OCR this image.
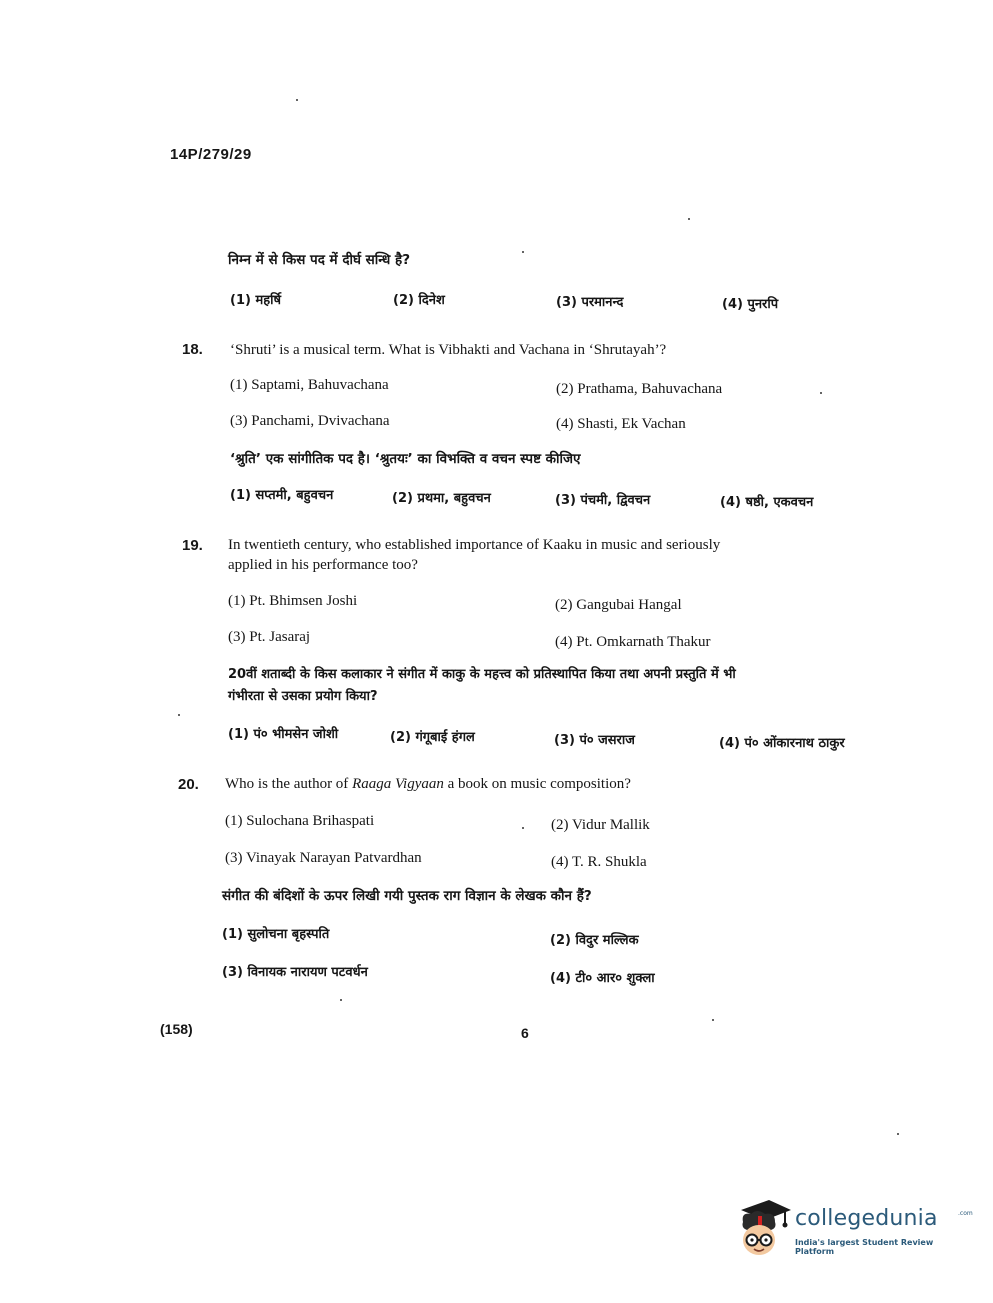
14P/279/29
निम्न में से किस पद में दीर्घ सन्धि है?
(1) महर्षि	(2) दिनेश	(3) परमानन्द	(4) पुनरपि
18. ‘Shruti’ is a musical term. What is Vibhakti and Vachana in ‘Shrutayah’?
(1) Saptami, Bahuvachana	(2) Prathama, Bahuvachana
(3) Panchami, Dvivachana	(4) Shasti, Ek Vachan
‘श्रुति’ एक सांगीतिक पद है। ‘श्रुतयः’ का विभक्ति व वचन स्पष्ट कीजिए
(1) सप्तमी, बहुवचन	(2) प्रथमा, बहुवचन	(3) पंचमी, द्विवचन	(4) षष्ठी, एकवचन
19. In twentieth century, who established importance of Kaaku in music and seriously
applied in his performance too?
(1) Pt. Bhimsen Joshi	(2) Gangubai Hangal
(3) Pt. Jasaraj	(4) Pt. Omkarnath Thakur
20वीं शताब्दी के किस कलाकार ने संगीत में काकु के महत्त्व को प्रतिस्थापित किया तथा अपनी प्रस्तुति में भी
गंभीरता से उसका प्रयोग किया?
(1) पं० भीमसेन जोशी	(2) गंगूबाई हंगल	(3) पं० जसराज	(4) पं० ओंकारनाथ ठाकुर
20. Who is the author of Raaga Vigyaan a book on music composition?
(1) Sulochana Brihaspati	(2) Vidur Mallik
(3) Vinayak Narayan Patvardhan	(4) T. R. Shukla
संगीत की बंदिशों के ऊपर लिखी गयी पुस्तक राग विज्ञान के लेखक कौन हैं?
(1) सुलोचना बृहस्पति	(2) विदुर मल्लिक
(3) विनायक नारायण पटवर्धन	(4) टी० आर० शुक्ला
(158)	6
collegedunia	.com
India's largest Student Review Platform
